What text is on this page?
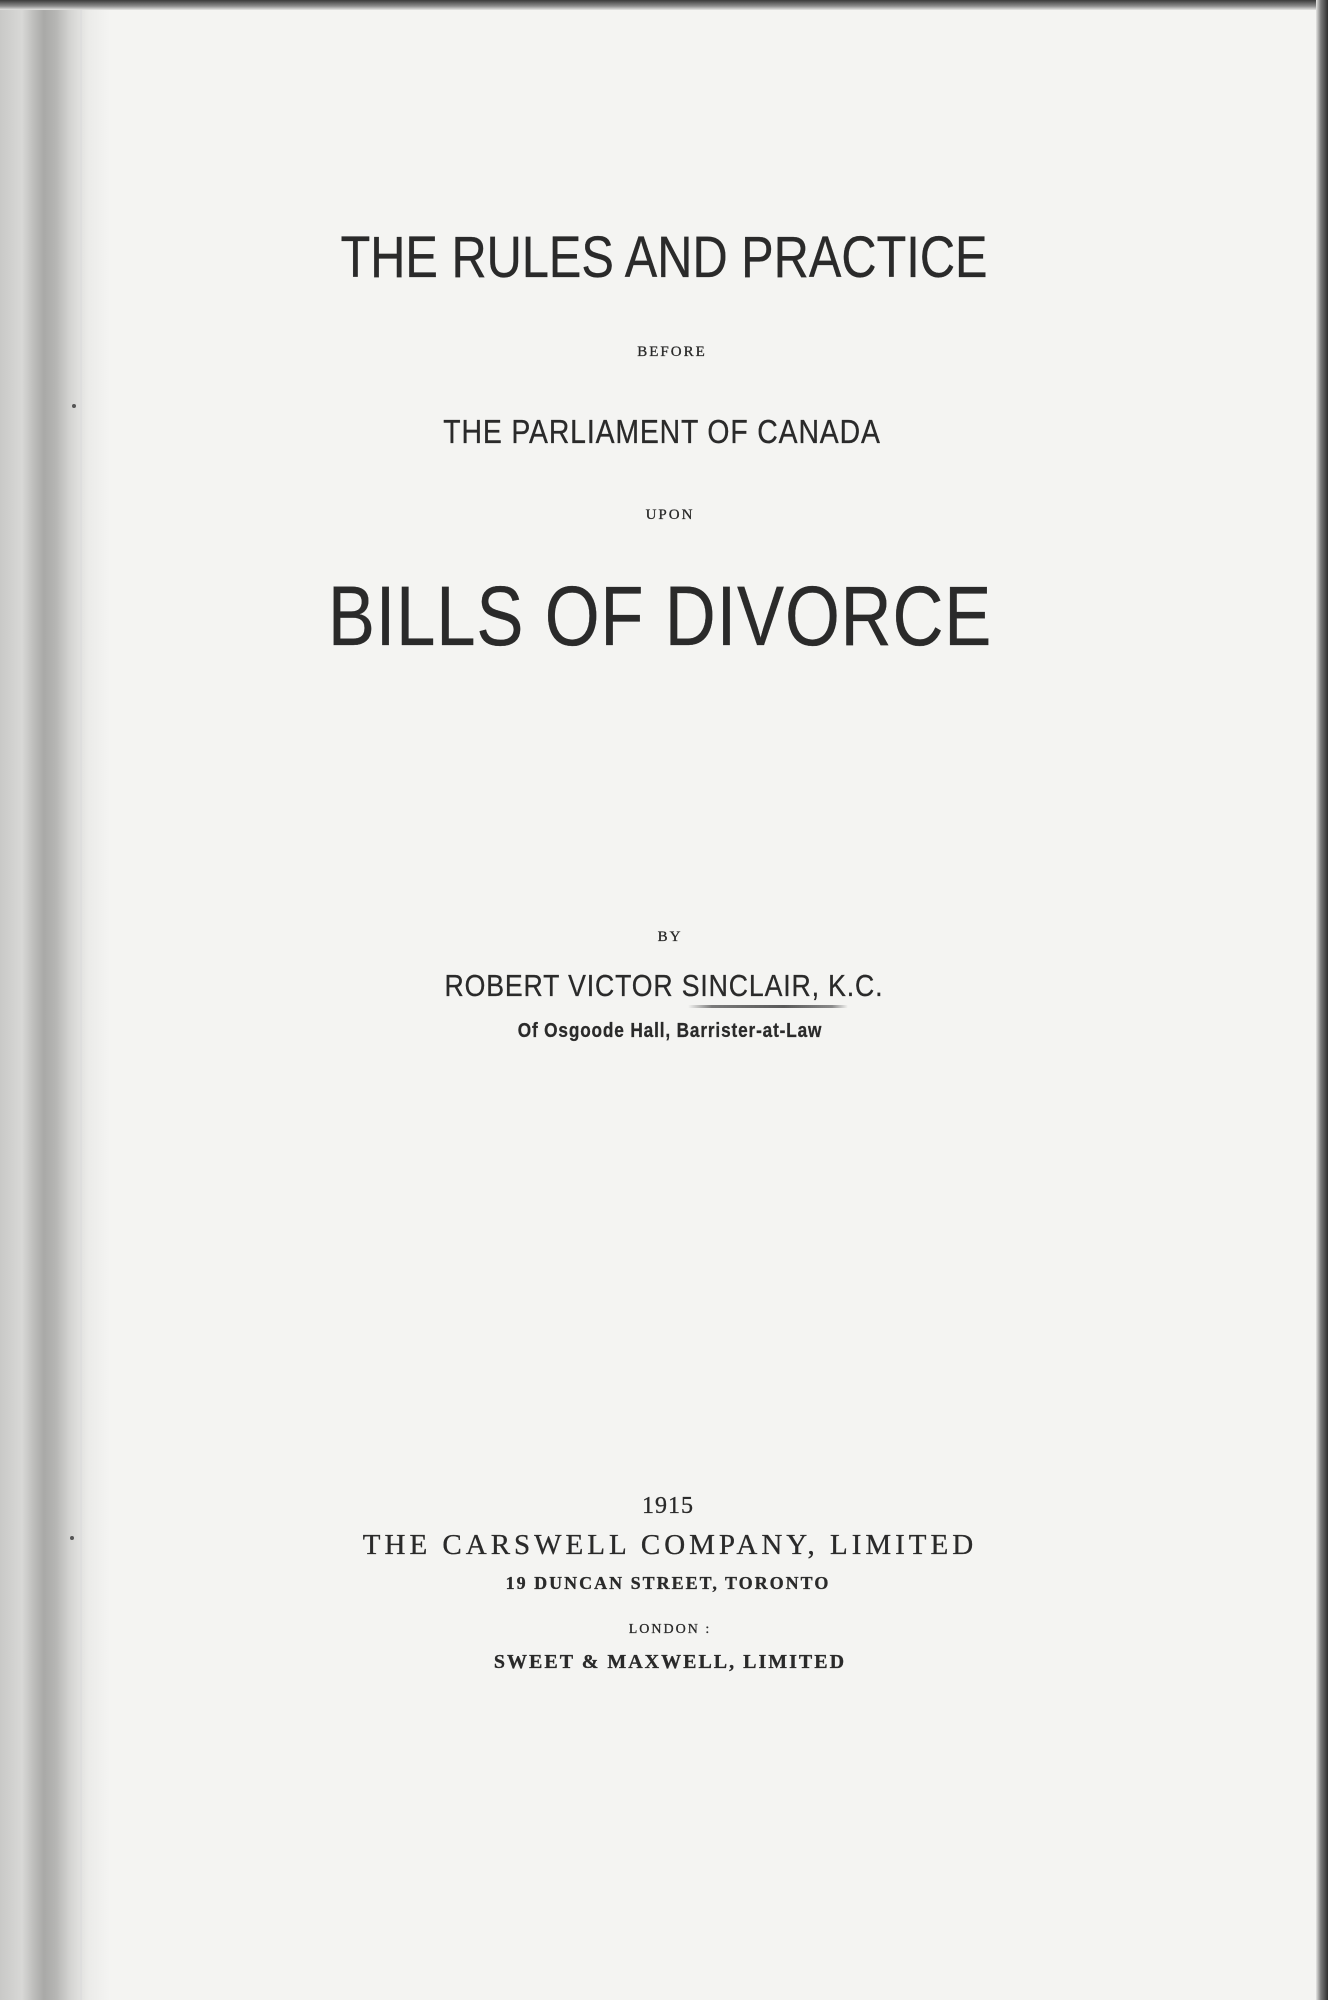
THE RULES AND PRACTICE
BEFORE
THE PARLIAMENT OF CANADA
UPON
BILLS OF DIVORCE
BY
ROBERT VICTOR SINCLAIR, K.C.
Of Osgoode Hall, Barrister-at-Law
1915
THE CARSWELL COMPANY, LIMITED
19 DUNCAN STREET, TORONTO
LONDON :
SWEET & MAXWELL, LIMITED
